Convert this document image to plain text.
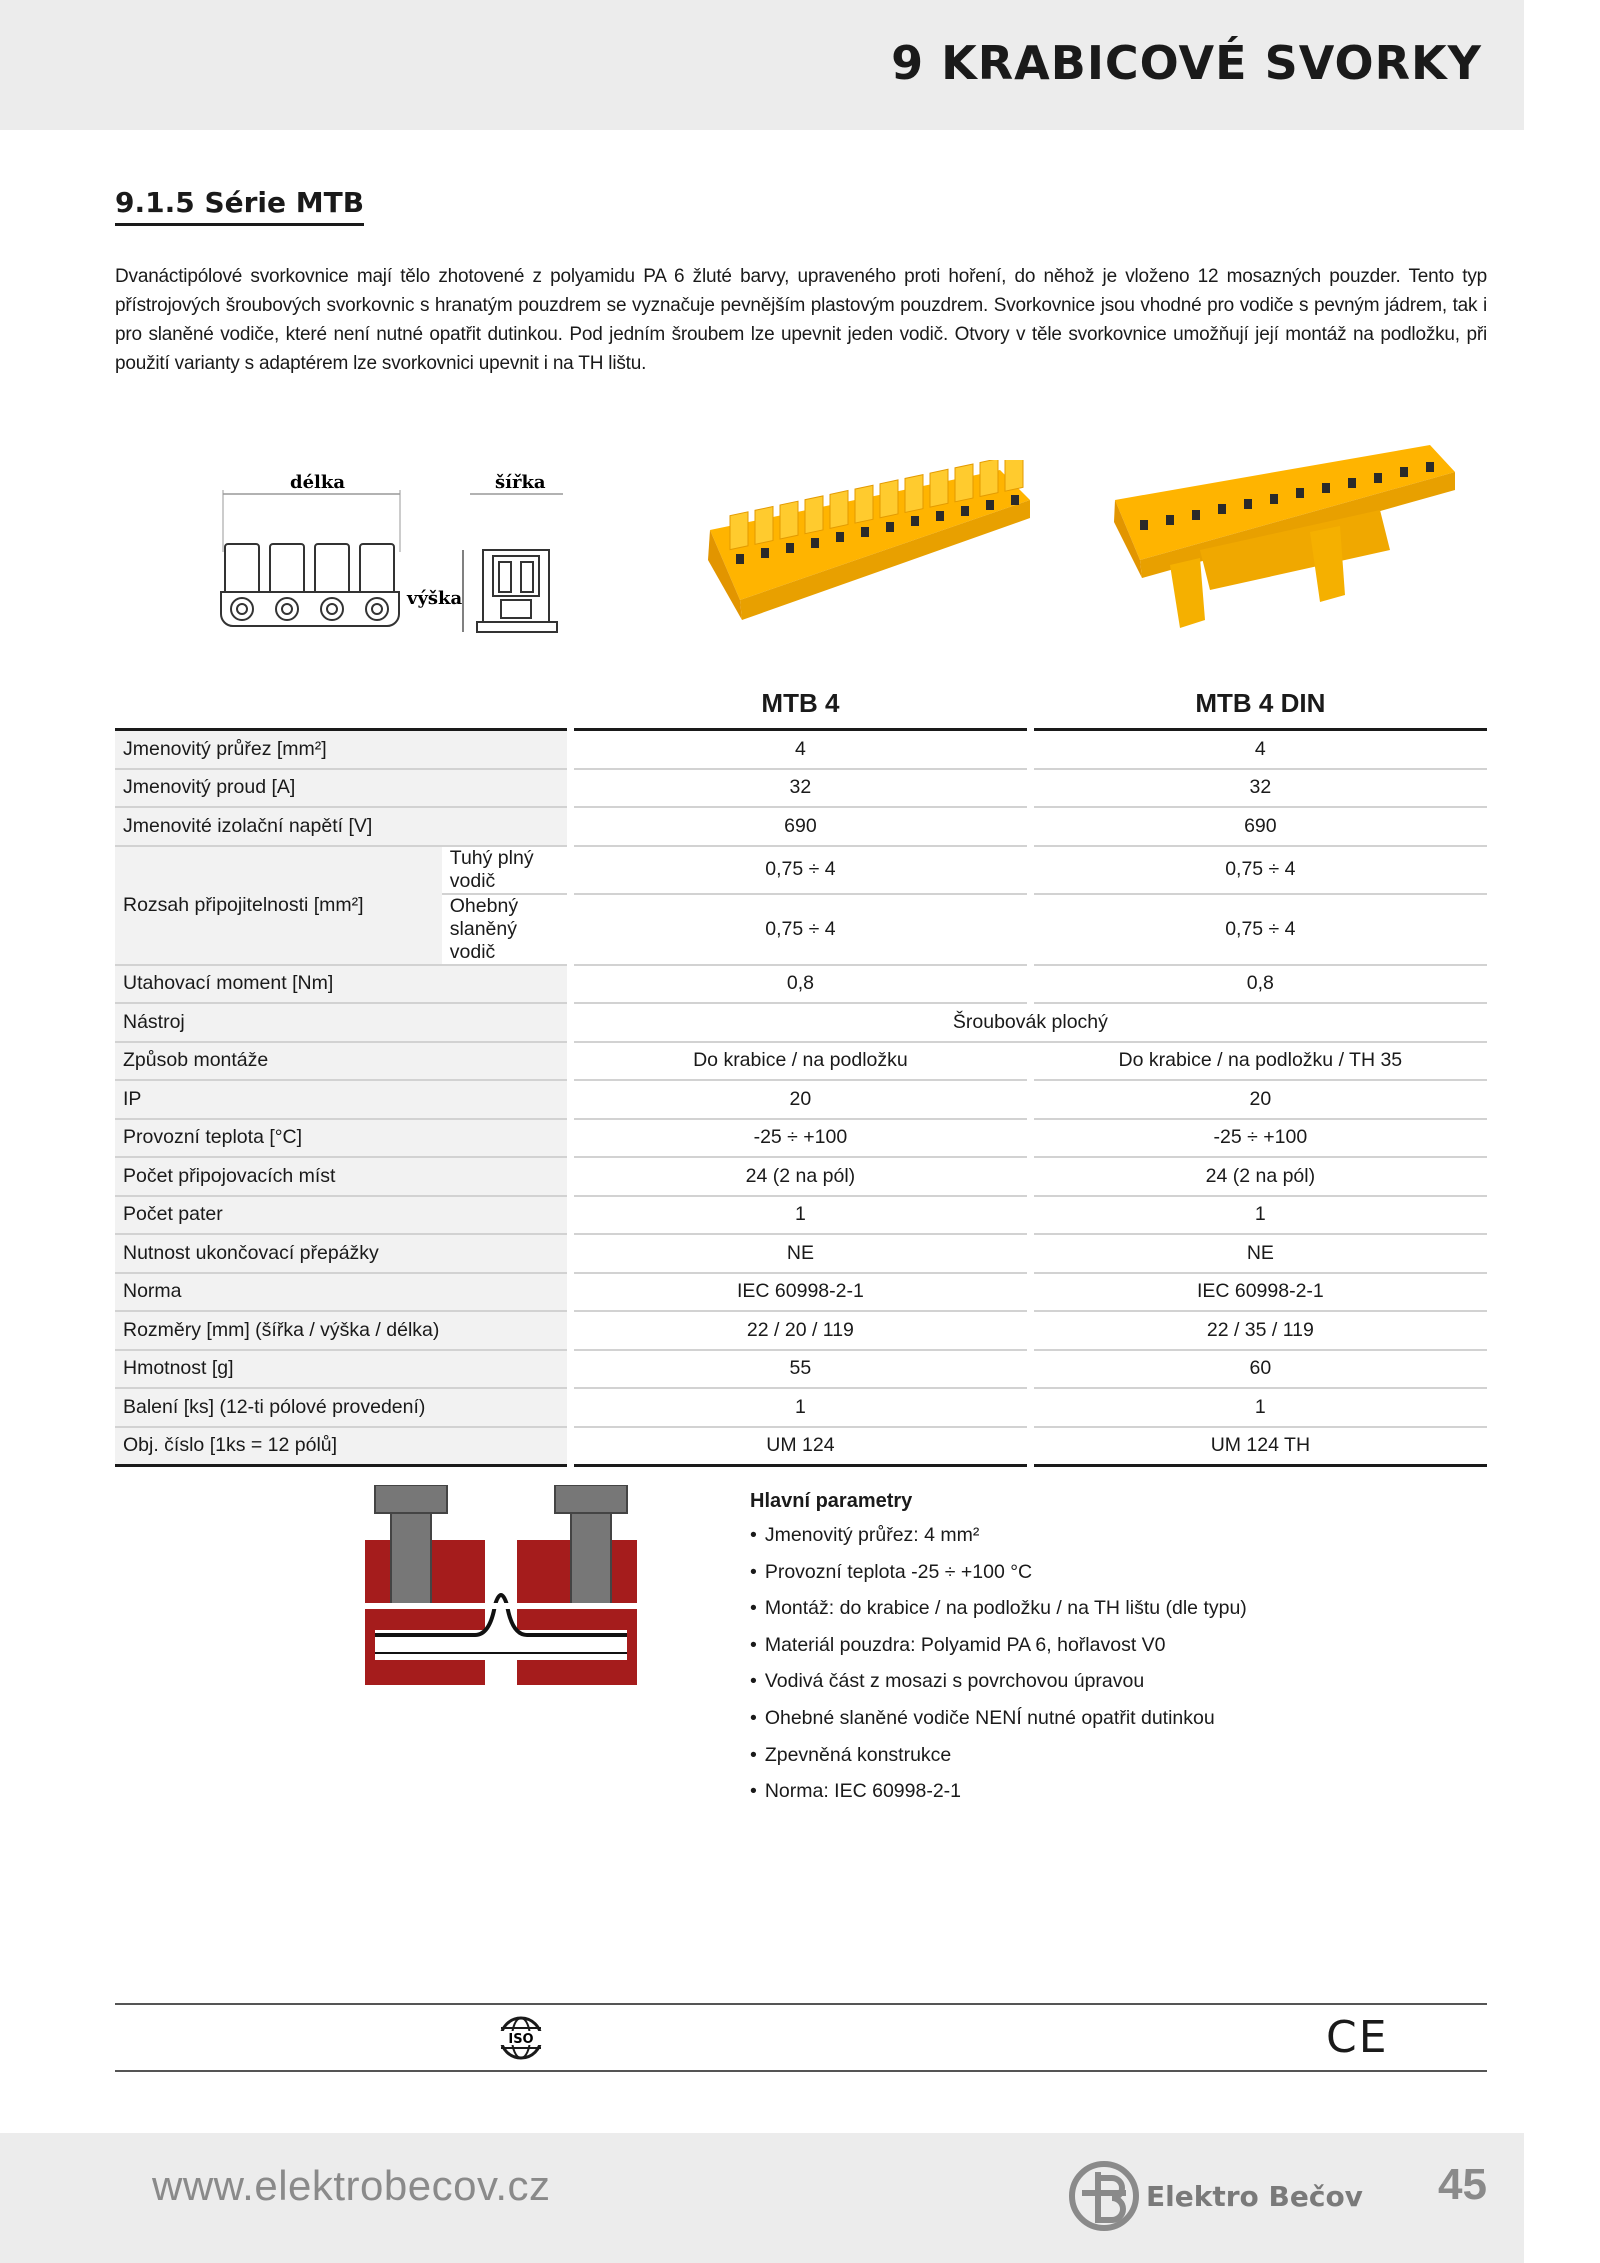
9 KRABICOVÉ SVORKY
9.1.5 Série MTB
Dvanáctipólové svorkovnice mají tělo zhotovené z polyamidu PA 6 žluté barvy, upraveného proti hoření, do něhož je vloženo 12 mosazných pouzder. Tento typ přístrojových šroubových svorkovnic s hranatým pouzdrem se vyznačuje pevnějším plastovým pouzdrem. Svorkovnice jsou vhodné pro vodiče s pevným jádrem, tak i pro slaněné vodiče, které není nutné opatřit dutinkou. Pod jedním šroubem lze upevnit jeden vodič. Otvory v těle svorkovnice umožňují její montáž na podložku, při použití varianty s adaptérem lze svorkovnici upevnit i na TH lištu.
délka	šířka
výška
			MTB 4		MTB 4 DIN
Jmenovitý průřez [mm²]			4		4
Jmenovitý proud [A]			32		32
Jmenovité izolační napětí [V]			690		690
Rozsah připojitelnosti [mm²]	Tuhý plný vodič		0,75 ÷ 4		0,75 ÷ 4
	Ohebný slaněný vodič		0,75 ÷ 4		0,75 ÷ 4
Utahovací moment [Nm]			0,8		0,8
Nástroj			Šroubovák plochý		
Způsob montáže			Do krabice / na podložku		Do krabice / na podložku / TH 35
IP			20		20
Provozní teplota [°C]			-25 ÷ +100		-25 ÷ +100
Počet připojovacích míst			24 (2 na pól)		24 (2 na pól)
Počet pater			1		1
Nutnost ukončovací přepážky			NE		NE
Norma			IEC 60998-2-1		IEC 60998-2-1
Rozměry [mm] (šířka / výška / délka)			22 / 20 / 119		22 / 35 / 119
Hmotnost [g]			55		60
Balení [ks] (12-ti pólové provedení)			1		1
Obj. číslo [1ks = 12 pólů]			UM 124		UM 124 TH
Hlavní parametry
• Jmenovitý průřez: 4 mm²
• Provozní teplota -25 ÷ +100 °C
• Montáž: do krabice / na podložku / na TH lištu (dle typu)
• Materiál pouzdra: Polyamid PA 6, hořlavost V0
• Vodivá část z mosazi s povrchovou úpravou
• Ohebné slaněné vodiče NENÍ nutné opatřit dutinkou
• Zpevněná konstrukce
• Norma: IEC 60998-2-1
ISO	CE
www.elektrobecov.cz	Elektro Bečov 45
